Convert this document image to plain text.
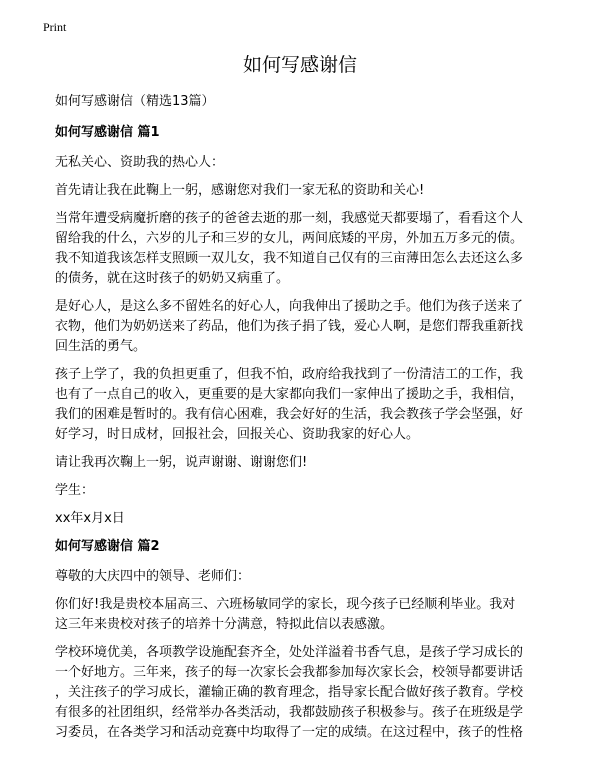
Print
如何写感谢信
如何写感谢信（精选13篇）
如何写感谢信 篇1
无私关心、资助我的热心人：
首先请让我在此鞠上一躬，感谢您对我们一家无私的资助和关心!
当常年遭受病魔折磨的孩子的爸爸去逝的那一刻，我感觉天都要塌了，看看这个人
留给我的什么，六岁的儿子和三岁的女儿，两间底矮的平房，外加五万多元的债。
我不知道我该怎样支照顾一双儿女，我不知道自己仅有的三亩薄田怎么去还这么多
的债务，就在这时孩子的奶奶又病重了。
是好心人，是这么多不留姓名的好心人，向我伸出了援助之手。他们为孩子送来了
衣物，他们为奶奶送来了药品，他们为孩子捐了钱，爱心人啊，是您们帮我重新找
回生活的勇气。
孩子上学了，我的负担更重了，但我不怕，政府给我找到了一份清洁工的工作，我
也有了一点自己的收入，更重要的是大家都向我们一家伸出了援助之手，我相信，
我们的困难是暂时的。我有信心困难，我会好好的生活，我会教孩子学会坚强，好
好学习，时日成材，回报社会，回报关心、资助我家的好心人。
请让我再次鞠上一躬，说声谢谢、谢谢您们!
学生：
xx年x月x日
如何写感谢信 篇2
尊敬的大庆四中的领导、老师们：
你们好!我是贵校本届高三、六班杨敏同学的家长，现今孩子已经顺利毕业。我对
这三年来贵校对孩子的培养十分满意，特拟此信以表感激。
学校环境优美，各项教学设施配套齐全，处处洋溢着书香气息，是孩子学习成长的
一个好地方。三年来，孩子的每一次家长会我都参加每次家长会，校领导都要讲话
，关注孩子的学习成长，灌输正确的教育理念，指导家长配合做好孩子教育。学校
有很多的社团组织，经常举办各类活动，我都鼓励孩子积极参与。孩子在班级是学
习委员，在各类学习和活动竞赛中均取得了一定的成绩。在这过程中，孩子的性格
